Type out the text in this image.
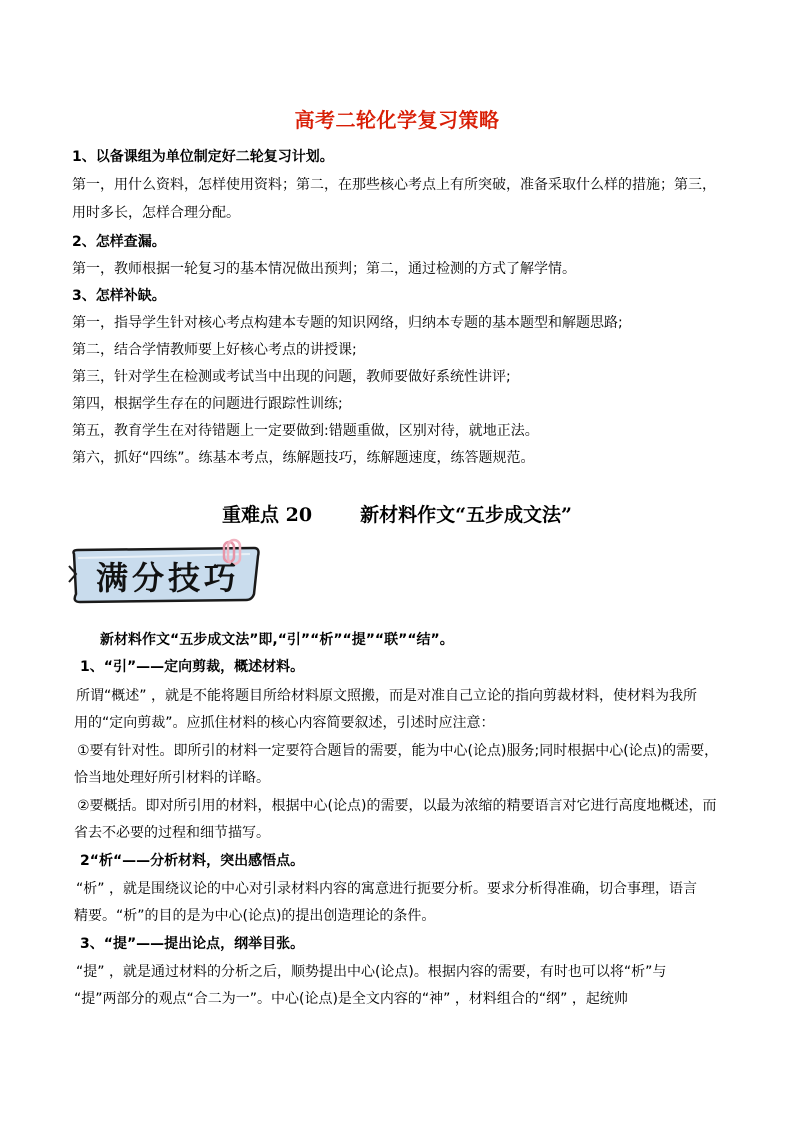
高考二轮化学复习策略
1、以备课组为单位制定好二轮复习计划。
第一，用什么资料，怎样使用资料；第二，在那些核心考点上有所突破，准备采取什么样的措施；第三，
用时多长，怎样合理分配。
2、怎样查漏。
第一，教师根据一轮复习的基本情况做出预判；第二，通过检测的方式了解学情。
3、怎样补缺。
第一，指导学生针对核心考点构建本专题的知识网络，归纳本专题的基本题型和解题思路;
第二，结合学情教师要上好核心考点的讲授课;
第三，针对学生在检测或考试当中出现的问题，教师要做好系统性讲评;
第四，根据学生存在的问题进行跟踪性训练;
第五，教育学生在对待错题上一定要做到:错题重做，区别对待，就地正法。
第六，抓好“四练”。练基本考点，练解题技巧，练解题速度，练答题规范。
重难点 20	新材料作文“五步成文法”
满分技巧
新材料作文“五步成文法”即,“引”“析”“提”“联”“结”。
1、“引”——定向剪裁，概述材料。
所谓“概述” ，就是不能将题目所给材料原文照搬，而是对准自己立论的指向剪裁材料，使材料为我所
用的“定向剪裁”。应抓住材料的核心内容简要叙述，引述时应注意：
①要有针对性。即所引的材料一定要符合题旨的需要，能为中心(论点)服务;同时根据中心(论点)的需要，
恰当地处理好所引材料的详略。
②要概括。即对所引用的材料，根据中心(论点)的需要，以最为浓缩的精要语言对它进行高度地概述，而
省去不必要的过程和细节描写。
2“析“——分析材料，突出感悟点。
“析” ，就是围绕议论的中心对引录材料内容的寓意进行扼要分析。要求分析得准确，切合事理，语言
精要。“析”的目的是为中心(论点)的提出创造理论的条件。
3、“提”——提出论点，纲举目张。
“提” ，就是通过材料的分析之后，顺势提出中心(论点)。根据内容的需要，有时也可以将“析”与
“提”两部分的观点“合二为一”。中心(论点)是全文内容的“神” ，材料组合的“纲” ，起统帅
